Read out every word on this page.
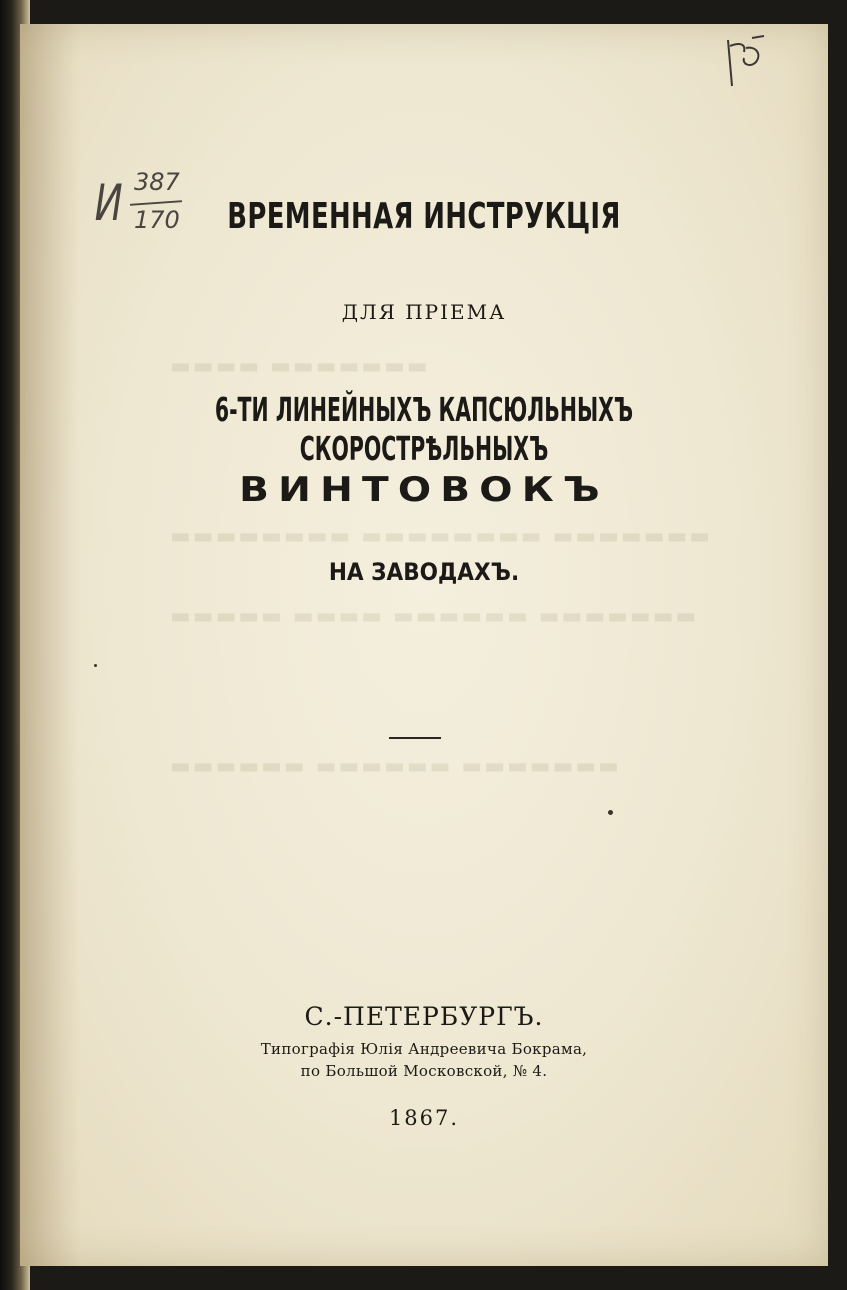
▬▬▬▬ ▬▬▬▬▬▬▬
▬▬▬▬▬▬▬▬ ▬▬▬▬▬▬▬▬ ▬▬▬▬▬▬▬
▬▬▬▬▬ ▬▬▬▬ ▬▬▬▬▬▬ ▬▬▬▬▬▬▬
▬▬▬▬▬▬ ▬▬▬▬▬▬ ▬▬▬▬▬▬▬
ВРЕМЕННАЯ ИНСТРУКЦІЯ
ДЛЯ ПРІЕМА
6-ТИ ЛИНЕЙНЫХЪ КАПСЮЛЬНЫХЪ СКОРОСТРѢЛЬНЫХЪ
ВИНТОВОКЪ
НА ЗАВОДАХЪ.
С.-ПЕТЕРБУРГЪ.
Типографія Юлія Андреевича Бокрама,
по Большой Московской, № 4.
1867.
И 387
170
